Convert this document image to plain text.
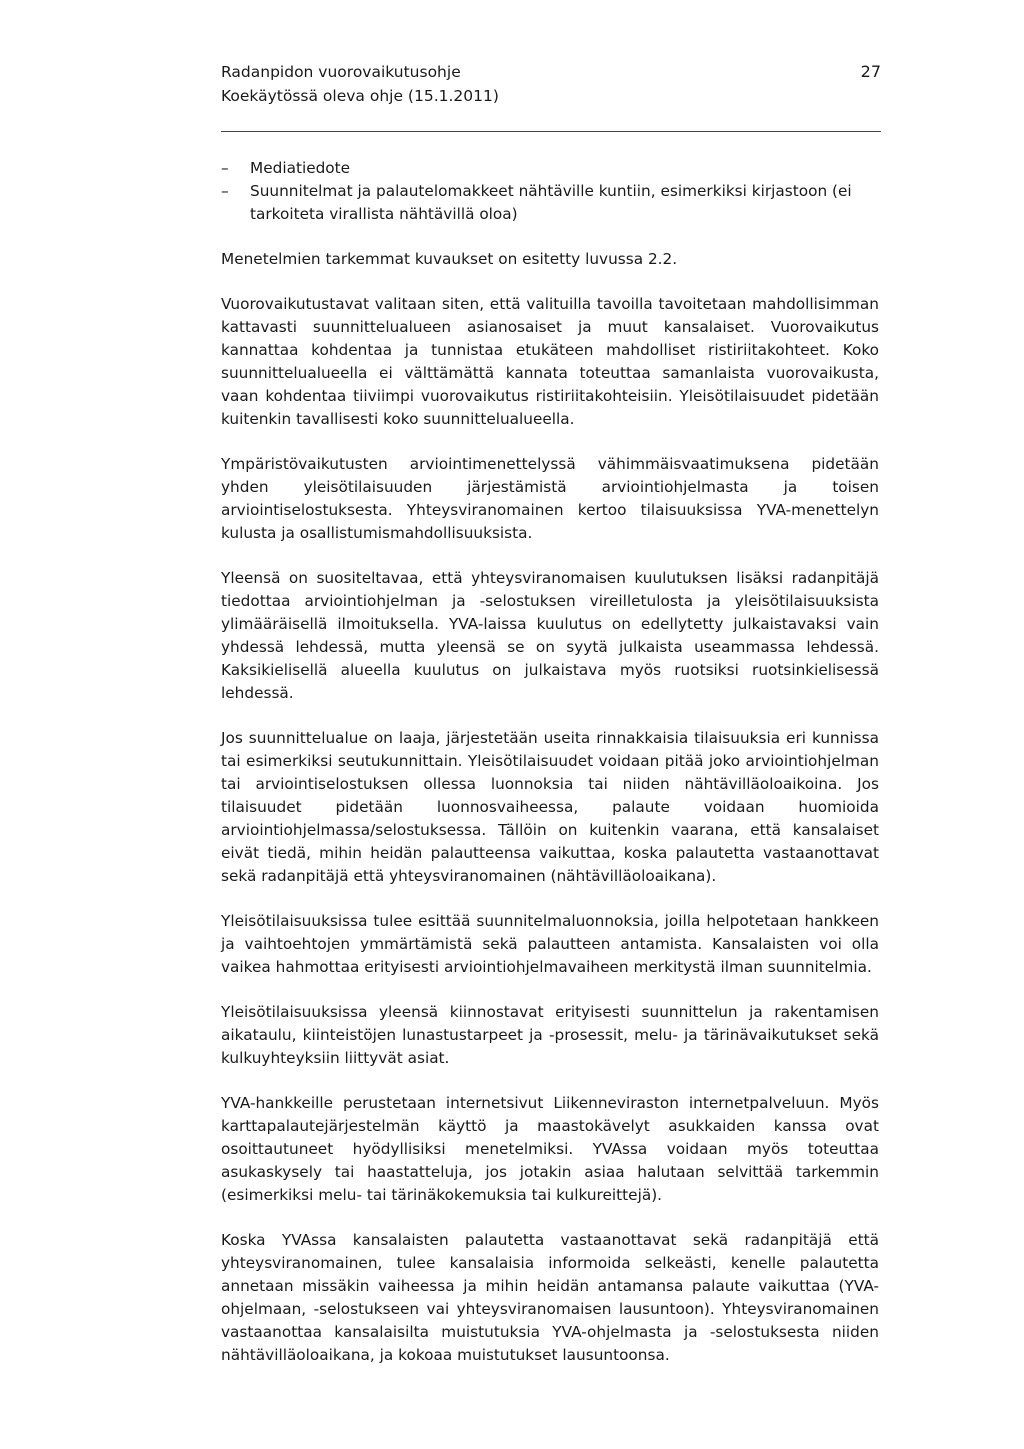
Radanpidon vuorovaikutusohje
Koekäytössä oleva ohje (15.1.2011)
27
– Mediatiedote
– Suunnitelmat ja palautelomakkeet nähtäville kuntiin, esimerkiksi kirjastoon (ei tarkoiteta virallista nähtävillä oloa)

Menetelmien tarkemmat kuvaukset on esitetty luvussa 2.2.

Vuorovaikutustavat valitaan siten, että valituilla tavoilla tavoitetaan mahdollisimman kattavasti suunnittelualueen asianosaiset ja muut kansalaiset. Vuorovaikutus kannattaa kohdentaa ja tunnistaa etukäteen mahdolliset ristiriitakohteet. Koko suunnittelualueella ei välttämättä kannata toteuttaa samanlaista vuorovaikusta, vaan kohdentaa tiiviimpi vuorovaikutus ristiriitakohteisiin. Yleisötilaisuudet pidetään kuitenkin tavallisesti koko suunnittelualueella.

Ympäristövaikutusten arviointimenettelyssä vähimmäisvaatimuksena pidetään yhden yleisötilaisuuden järjestämistä arviointiohjelmasta ja toisen arviointiselostuksesta. Yhteysviranomainen kertoo tilaisuuksissa YVA-menettelyn kulusta ja osallistumismahdollisuuksista.

Yleensä on suositeltavaa, että yhteysviranomaisen kuulutuksen lisäksi radanpitäjä tiedottaa arviointiohjelman ja -selostuksen vireilletulosta ja yleisötilaisuuksista ylimääräisellä ilmoituksella. YVA-laissa kuulutus on edellytetty julkaistavaksi vain yhdessä lehdessä, mutta yleensä se on syytä julkaista useammassa lehdessä. Kaksikielisellä alueella kuulutus on julkaistava myös ruotsiksi ruotsinkielisessä lehdessä.

Jos suunnittelualue on laaja, järjestetään useita rinnakkaisia tilaisuuksia eri kunnissa tai esimerkiksi seutukunnittain. Yleisötilaisuudet voidaan pitää joko arviointiohjelman tai arviointiselostuksen ollessa luonnoksia tai niiden nähtävilläoloaikoina. Jos tilaisuudet pidetään luonnosvaiheessa, palaute voidaan huomioida arviointiohjelmassa/selostuksessa. Tällöin on kuitenkin vaarana, että kansalaiset eivät tiedä, mihin heidän palautteensa vaikuttaa, koska palautetta vastaanottavat sekä radanpitäjä että yhteysviranomainen (nähtävilläoloaikana).

Yleisötilaisuuksissa tulee esittää suunnitelmaluonnoksia, joilla helpotetaan hankkeen ja vaihtoehtojen ymmärtämistä sekä palautteen antamista. Kansalaisten voi olla vaikea hahmottaa erityisesti arviointiohjelmavaiheen merkitystä ilman suunnitelmia.

Yleisötilaisuuksissa yleensä kiinnostavat erityisesti suunnittelun ja rakentamisen aikataulu, kiinteistöjen lunastustarpeet ja -prosessit, melu- ja tärinävaikutukset sekä kulkuyhteyksiin liittyvät asiat.

YVA-hankkeille perustetaan internetsivut Liikenneviraston internetpalveluun. Myös karttapalautejärjestelmän käyttö ja maastokävelyt asukkaiden kanssa ovat osoittautuneet hyödyllisiksi menetelmiksi. YVAssa voidaan myös toteuttaa asukaskysely tai haastatteluja, jos jotakin asiaa halutaan selvittää tarkemmin (esimerkiksi melu- tai tärinäkokemuksia tai kulkureittejä).

Koska YVAssa kansalaisten palautetta vastaanottavat sekä radanpitäjä että yhteysviranomainen, tulee kansalaisia informoida selkeästi, kenelle palautetta annetaan missäkin vaiheessa ja mihin heidän antamansa palaute vaikuttaa (YVA-ohjelmaan, -selostukseen vai yhteysviranomaisen lausuntoon). Yhteysviranomainen vastaanottaa kansalaisilta muistutuksia YVA-ohjelmasta ja -selostuksesta niiden nähtävilläoloaikana, ja kokoaa muistutukset lausuntoonsa.
